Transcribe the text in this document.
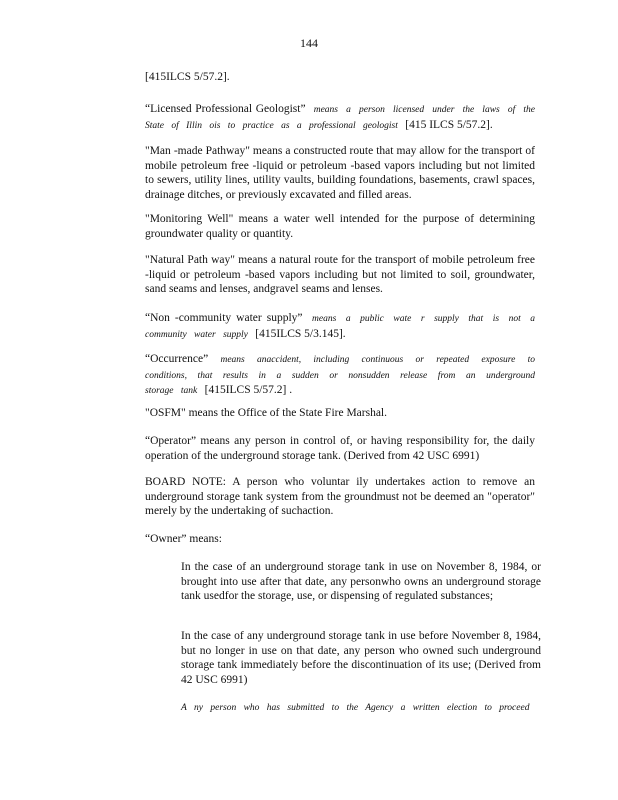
144

[415ILCS 5/57.2].

“Licensed Professional Geologist” means a person licensed under the laws of the State of Illin ois to practice as a professional geologist [415 ILCS 5/57.2].

"Man -made Pathway" means a constructed route that may allow for the transport of mobile petroleum free -liquid or petroleum -based vapors including but not limited to sewers, utility lines, utility vaults, building foundations, basements, crawl spaces, drainage ditches, or previously excavated and filled areas.

"Monitoring Well" means a water well intended for the purpose of determining groundwater quality or quantity.

"Natural Path way" means a natural route for the transport of mobile petroleum free -liquid or petroleum -based vapors including but not limited to soil, groundwater, sand seams and lenses, andgravel seams and lenses.

“Non -community water supply” means a public wate r supply that is not a community water supply [415ILCS 5/3.145].

“Occurrence” means anaccident, including continuous or repeated exposure to conditions, that results in a sudden or nonsudden release from an underground storage tank [415ILCS 5/57.2] .

"OSFM" means the Office of the State Fire Marshal.

“Operator” means any person in control of, or having responsibility for, the daily operation of the underground storage tank. (Derived from 42 USC 6991)

BOARD NOTE: A person who voluntar ily undertakes action to remove an underground storage tank system from the groundmust not be deemed an "operator" merely by the undertaking of suchaction.

“Owner” means:

In the case of an underground storage tank in use on November 8, 1984, or brought into use after that date, any personwho owns an underground storage tank usedfor the storage, use, or dispensing of regulated substances;

In the case of any underground storage tank in use before November 8, 1984, but no longer in use on that date, any person who owned such underground storage tank immediately before the discontinuation of its use; (Derived from 42 USC 6991)

A ny person who has submitted to the Agency a written election to proceed
